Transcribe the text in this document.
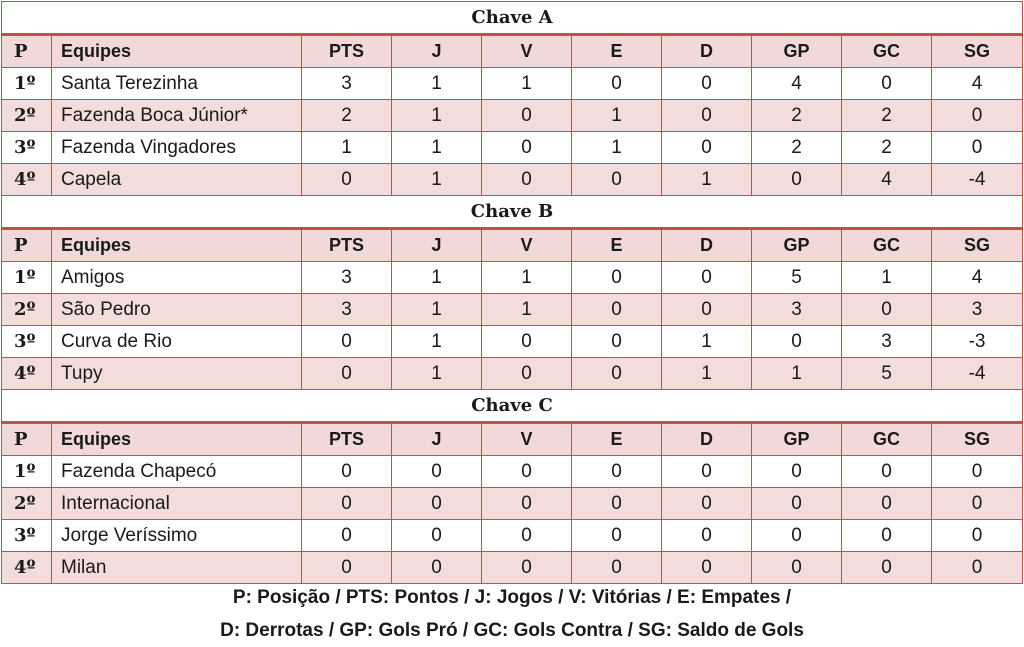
Chave A									
P	Equipes	PTS	J	V	E	D	GP	GC	SG
1º	Santa Terezinha	3	1	1	0	0	4	0	4
2º	Fazenda Boca Júnior*	2	1	0	1	0	2	2	0
3º	Fazenda Vingadores	1	1	0	1	0	2	2	0
4º	Capela	0	1	0	0	1	0	4	-4
Chave B									
P	Equipes	PTS	J	V	E	D	GP	GC	SG
1º	Amigos	3	1	1	0	0	5	1	4
2º	São Pedro	3	1	1	0	0	3	0	3
3º	Curva de Rio	0	1	0	0	1	0	3	-3
4º	Tupy	0	1	0	0	1	1	5	-4
Chave C									
P	Equipes	PTS	J	V	E	D	GP	GC	SG
1º	Fazenda Chapecó	0	0	0	0	0	0	0	0
2º	Internacional	0	0	0	0	0	0	0	0
3º	Jorge Veríssimo	0	0	0	0	0	0	0	0
4º	Milan	0	0	0	0	0	0	0	0
P: Posição / PTS: Pontos / J: Jogos / V: Vitórias / E: Empates /
D: Derrotas / GP: Gols Pró / GC: Gols Contra / SG: Saldo de Gols
